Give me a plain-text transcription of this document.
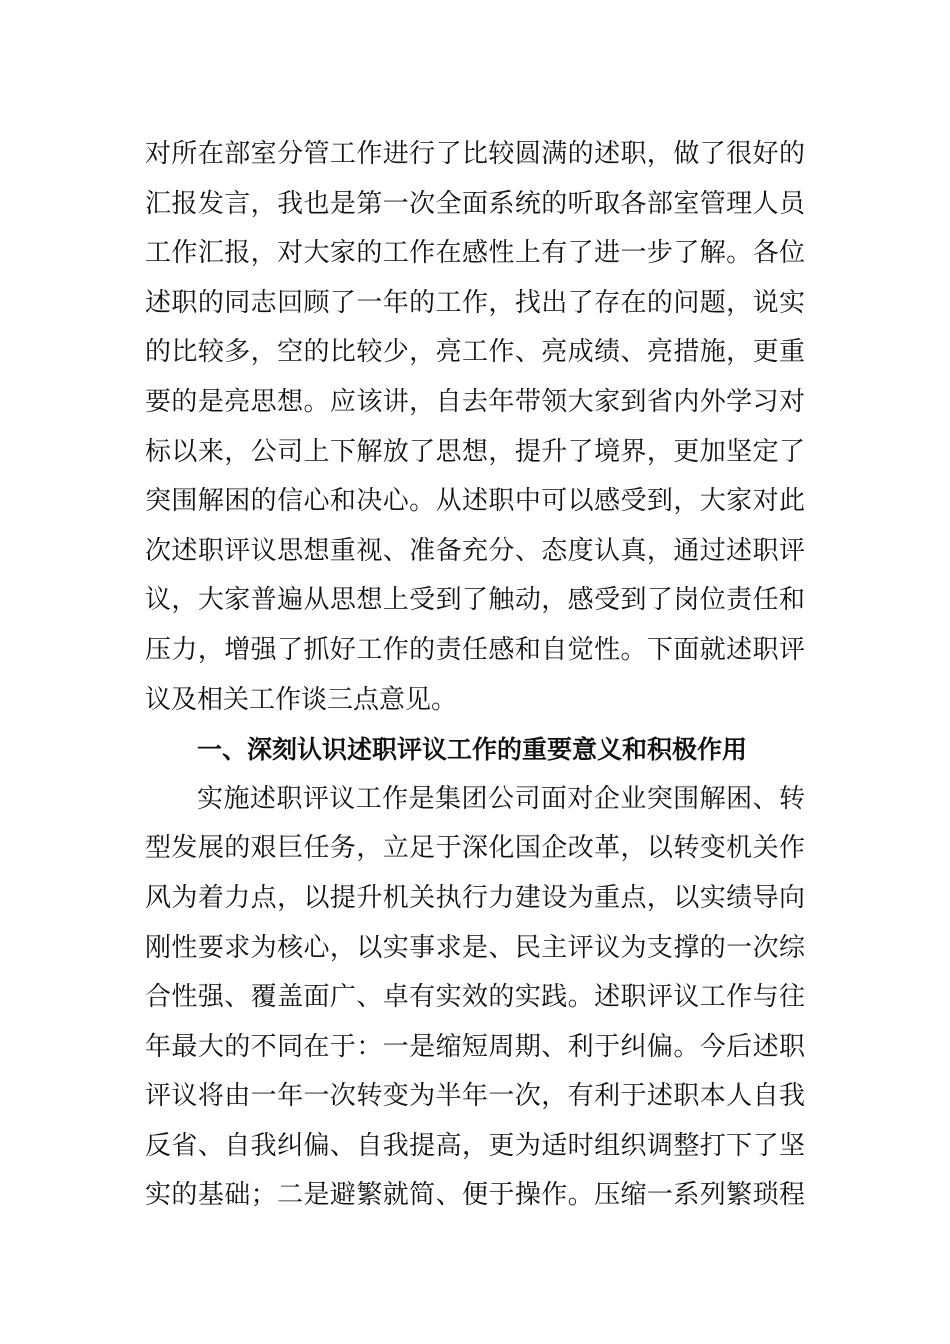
对所在部室分管工作进行了比较圆满的述职，做了很好的
汇报发言，我也是第一次全面系统的听取各部室管理人员
工作汇报，对大家的工作在感性上有了进一步了解。各位
述职的同志回顾了一年的工作，找出了存在的问题，说实
的比较多，空的比较少，亮工作、亮成绩、亮措施，更重
要的是亮思想。应该讲，自去年带领大家到省内外学习对
标以来，公司上下解放了思想，提升了境界，更加坚定了
突围解困的信心和决心。从述职中可以感受到，大家对此
次述职评议思想重视、准备充分、态度认真，通过述职评
议，大家普遍从思想上受到了触动，感受到了岗位责任和
压力，增强了抓好工作的责任感和自觉性。下面就述职评
议及相关工作谈三点意见。
一、深刻认识述职评议工作的重要意义和积极作用
实施述职评议工作是集团公司面对企业突围解困、转
型发展的艰巨任务，立足于深化国企改革，以转变机关作
风为着力点，以提升机关执行力建设为重点，以实绩导向
刚性要求为核心，以实事求是、民主评议为支撑的一次综
合性强、覆盖面广、卓有实效的实践。述职评议工作与往
年最大的不同在于：一是缩短周期、利于纠偏。今后述职
评议将由一年一次转变为半年一次，有利于述职本人自我
反省、自我纠偏、自我提高，更为适时组织调整打下了坚
实的基础；二是避繁就简、便于操作。压缩一系列繁琐程
